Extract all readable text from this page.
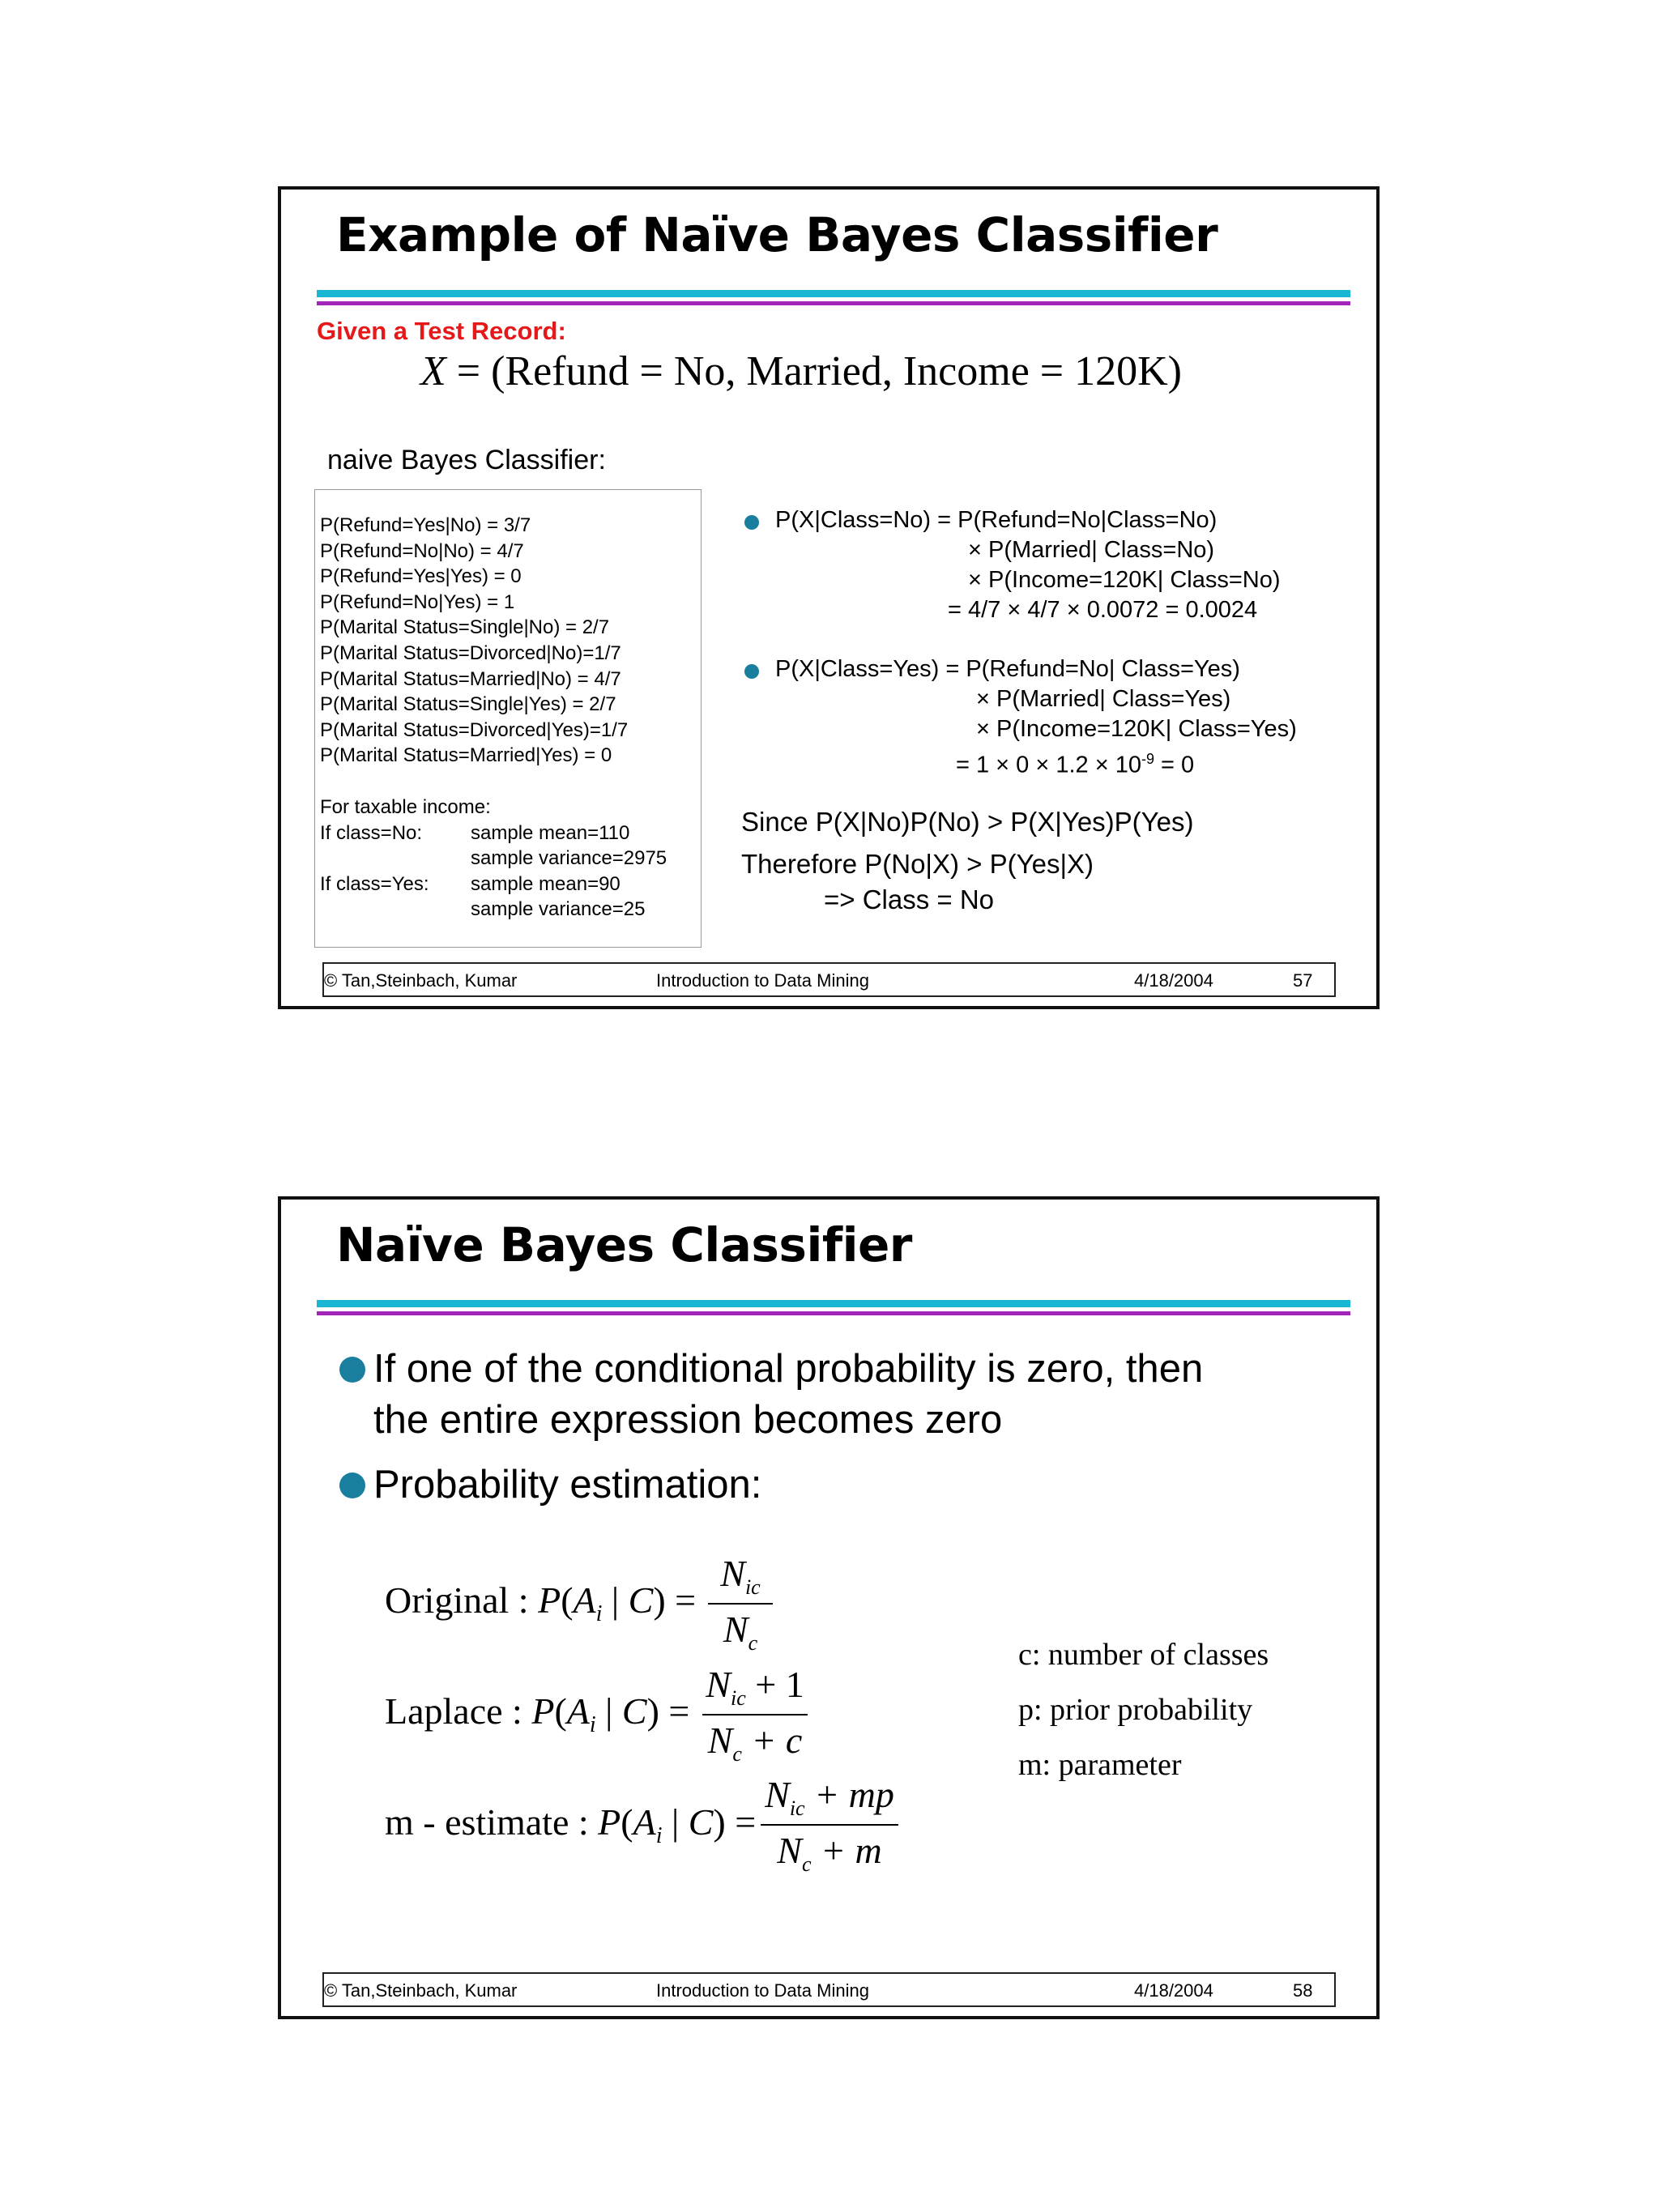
Example of Naïve Bayes Classifier
Given a Test Record:
X = (Refund = No, Married, Income = 120K)
naive Bayes Classifier:
P(Refund=Yes|No) = 3/7
P(Refund=No|No) = 4/7
P(Refund=Yes|Yes) = 0
P(Refund=No|Yes) = 1
P(Marital Status=Single|No) = 2/7
P(Marital Status=Divorced|No)=1/7
P(Marital Status=Married|No) = 4/7
P(Marital Status=Single|Yes) = 2/7
P(Marital Status=Divorced|Yes)=1/7
P(Marital Status=Married|Yes) = 0
For taxable income:
If class=No:	sample mean=110
sample variance=2975
If class=Yes:	sample mean=90
sample variance=25
P(X|Class=No) = P(Refund=No|Class=No)
× P(Married| Class=No)
× P(Income=120K| Class=No)
= 4/7 × 4/7 × 0.0072 = 0.0024
P(X|Class=Yes) = P(Refund=No| Class=Yes)
× P(Married| Class=Yes)
× P(Income=120K| Class=Yes)
= $1 \times 0 \times 1.2 \times 10^{-9} = 0$
Since P(X|No)P(No) > P(X|Yes)P(Yes)
Therefore P(No|X) > P(Yes|X)
=> Class = No
© Tan,Steinbach, Kumar	Introduction to Data Mining	4/18/2004	57
Naïve Bayes Classifier
If one of the conditional probability is zero, then
the entire expression becomes zero
Probability estimation:
Original : $P(A_i$ | C) =
$N_{ic}$
$N_c$
Laplace : $P(A_i$ | C) =
$N_{ic} + 1$
$N_c + c$
m - estimate : $P(A_i$ | C) =
$N_{ic}$ + mp
$N_c + m$
c: number of classes
p: prior probability
m: parameter
© Tan,Steinbach, Kumar	Introduction to Data Mining	4/18/2004	58
